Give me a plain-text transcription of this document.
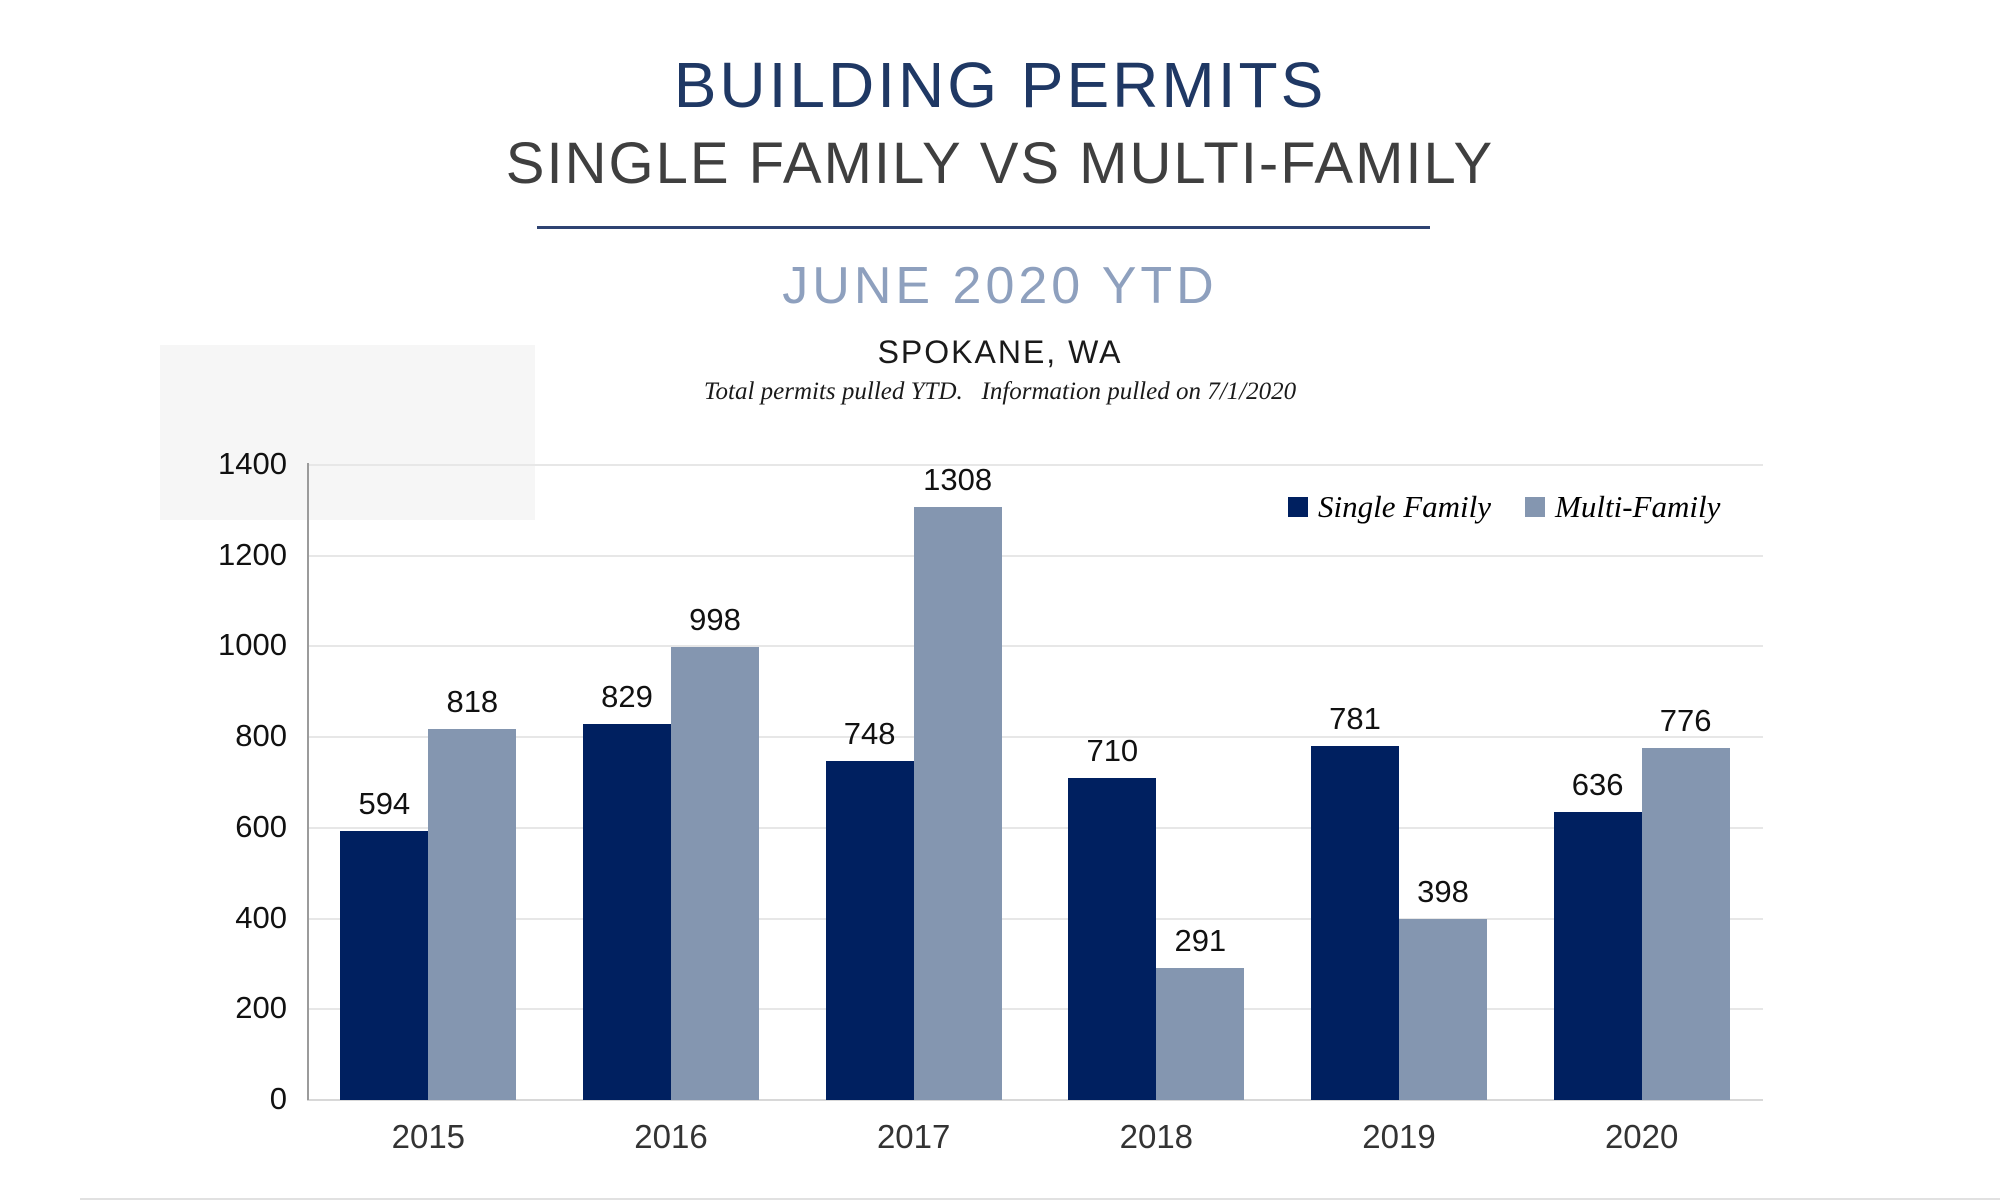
BUILDING PERMITS
SINGLE FAMILY VS MULTI-FAMILY
JUNE 2020 YTD
SPOKANE, WA
Total permits pulled YTD.   Information pulled on 7/1/2020
0
200
400
600
800
1000
1200
1400
594
818
2015
829
998
2016
748
1308
2017
710
291
2018
781
398
2019
636
776
2020
Single Family Multi-Family
